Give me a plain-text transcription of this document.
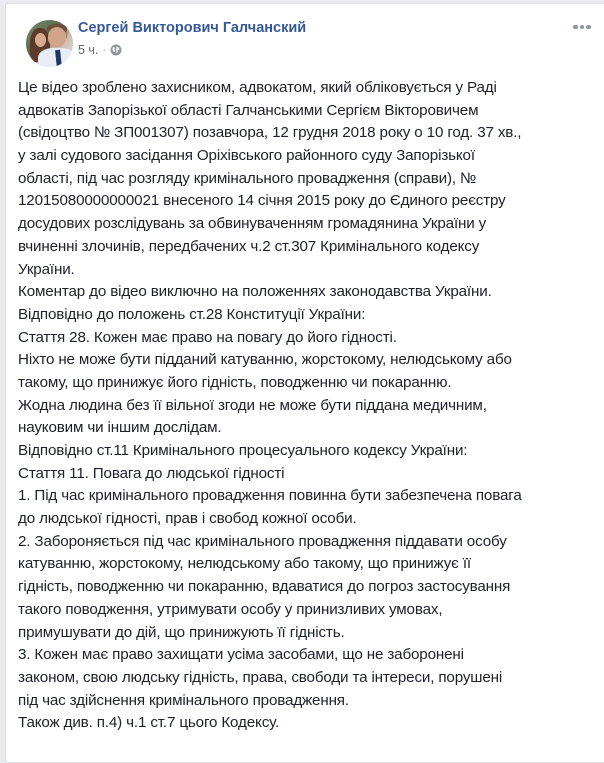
Сергей Викторович Галчанский
5 ч. ·
Це відео зроблено захисником, адвокатом, який обліковується у Раді
адвокатів Запорізької області Галчанськими Сергієм Вікторовичем
(свідоцтво № ЗП001307) позавчора, 12 грудня 2018 року о 10 год. 37 хв.,
у залі судового засідання Оріхівського районного суду Запорізької
області, під час розгляду кримінального провадження (справи), №
12015080000000021 внесеного 14 січня 2015 року до Єдиного реєстру
досудових розслідувань за обвинуваченням громадянина України у
вчиненні злочинів, передбачених ч.2 ст.307 Кримінального кодексу
України.
Коментар до відео виключно на положеннях законодавства України.
Відповідно до положень ст.28 Конституції України:
Стаття 28. Кожен має право на повагу до його гідності.
Ніхто не може бути підданий катуванню, жорстокому, нелюдському або
такому, що принижує його гідність, поводженню чи покаранню.
Жодна людина без її вільної згоди не може бути піддана медичним,
науковим чи іншим дослідам.
Відповідно ст.11 Кримінального процесуального кодексу України:
Стаття 11. Повага до людської гідності
1. Під час кримінального провадження повинна бути забезпечена повага
до людської гідності, прав і свобод кожної особи.
2. Забороняється під час кримінального провадження піддавати особу
катуванню, жорстокому, нелюдському або такому, що принижує її
гідність, поводженню чи покаранню, вдаватися до погроз застосування
такого поводження, утримувати особу у принизливих умовах,
примушувати до дій, що принижують її гідність.
3. Кожен має право захищати усіма засобами, що не заборонені
законом, свою людську гідність, права, свободи та інтереси, порушені
під час здійснення кримінального провадження.
Також див. п.4) ч.1 ст.7 цього Кодексу.
